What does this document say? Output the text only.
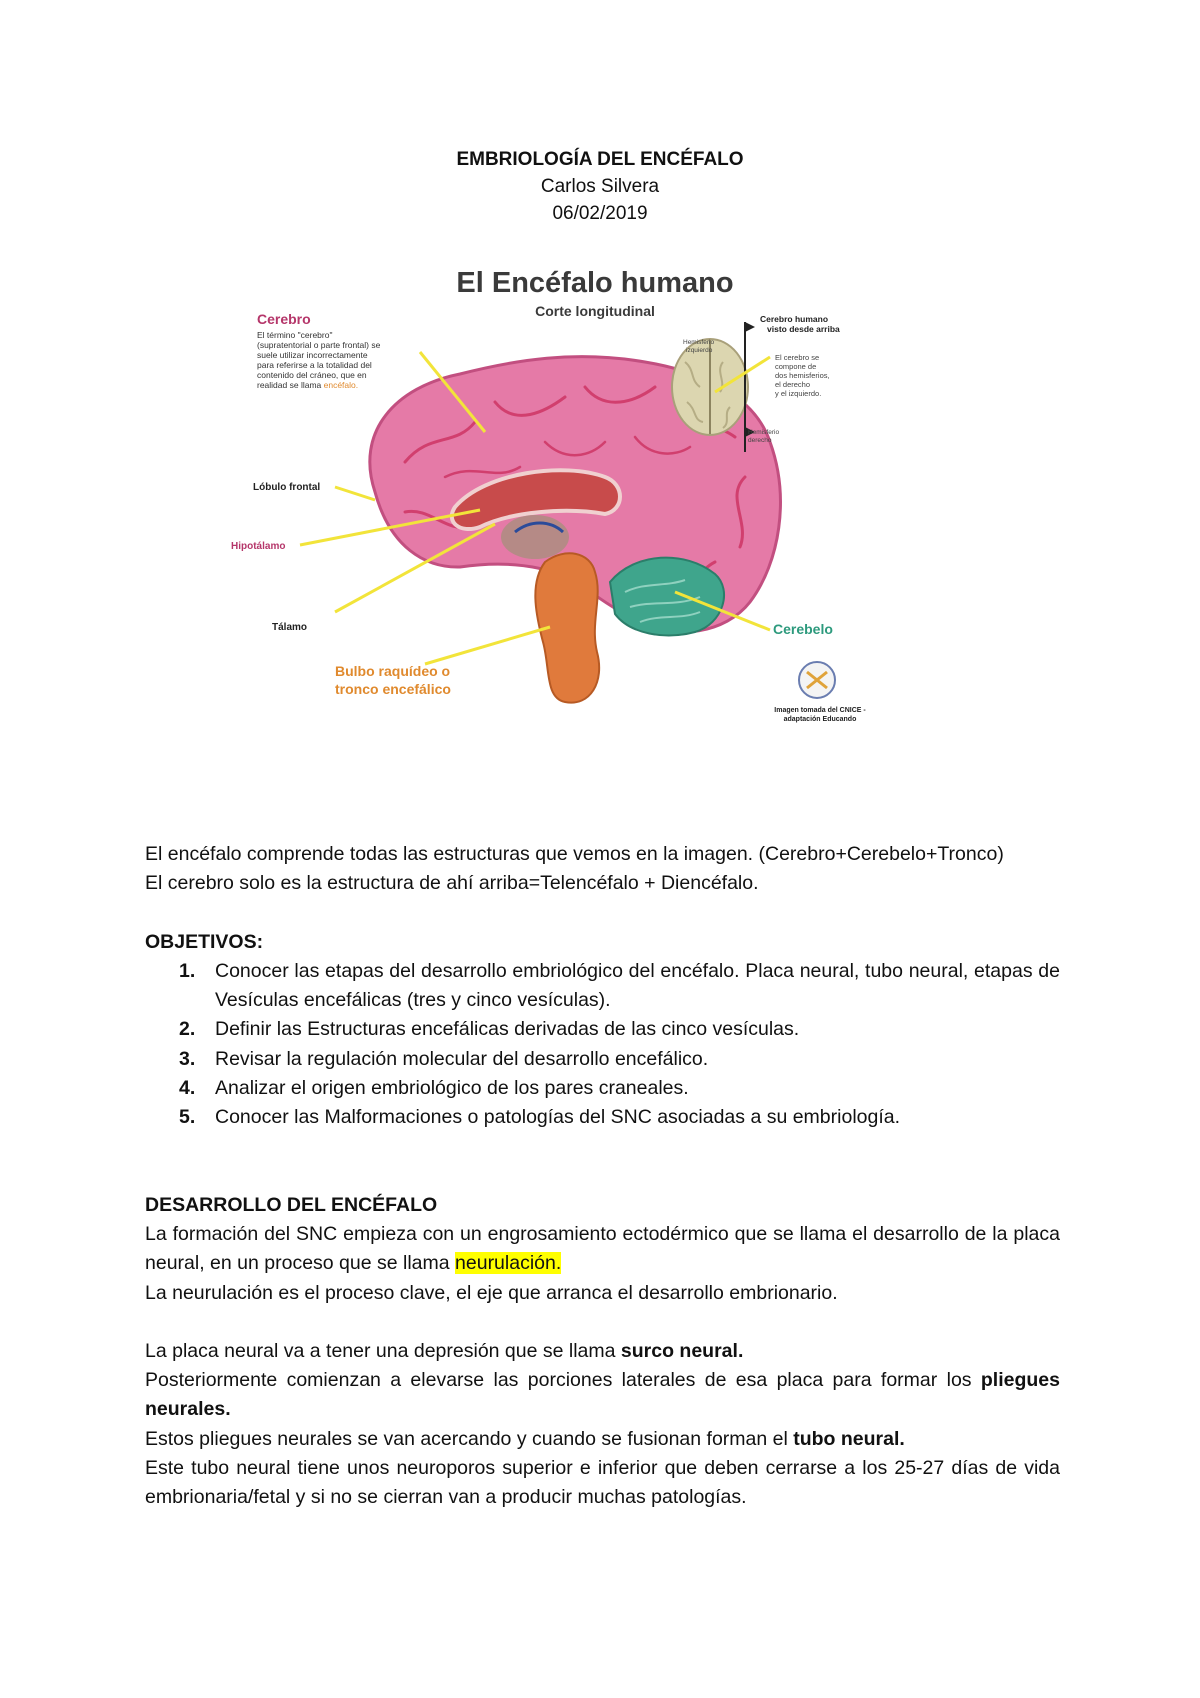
EMBRIOLOGÍA DEL ENCÉFALO
Carlos Silvera
06/02/2019
El Encéfalo humano
Corte longitudinal
Cerebro
El término "cerebro"
(supratentorial o parte frontal) se
suele utilizar incorrectamente
para referirse a la totalidad del
contenido del cráneo, que en
realidad se llama encéfalo.
Lóbulo frontal
Hipotálamo
Tálamo
Bulbo raquídeo o
tronco encefálico
Cerebelo
Cerebro humano
visto desde arriba
Hemisferio
izquierdo
Hemisferio
derecho
El cerebro se
compone de
dos hemisferios,
el derecho
y el izquierdo.
Imagen tomada del CNICE -
adaptación Educando

El encéfalo comprende todas las estructuras que vemos en la imagen. (Cerebro+Cerebelo+Tronco)

El cerebro solo es la estructura de ahí arriba=Telencéfalo + Diencéfalo.

OBJETIVOS:

1. Conocer las etapas del desarrollo embriológico del encéfalo. Placa neural, tubo neural, etapas de Vesículas encefálicas (tres y cinco vesículas).
2. Definir las Estructuras encefálicas derivadas de las cinco vesículas.
3. Revisar la regulación molecular del desarrollo encefálico.
4. Analizar el origen embriológico de los pares craneales.
5. Conocer las Malformaciones o patologías del SNC asociadas a su embriología.

DESARROLLO DEL ENCÉFALO

La formación del SNC empieza con un engrosamiento ectodérmico que se llama el desarrollo de la placa neural, en un proceso que se llama neurulación.

La neurulación es el proceso clave, el eje que arranca el desarrollo embrionario.

La placa neural va a tener una depresión que se llama surco neural.

Posteriormente comienzan a elevarse las porciones laterales de esa placa para formar los pliegues neurales.

Estos pliegues neurales se van acercando y cuando se fusionan forman el tubo neural.

Este tubo neural tiene unos neuroporos superior e inferior que deben cerrarse a los 25-27 días de vida embrionaria/fetal y si no se cierran van a producir muchas patologías.
